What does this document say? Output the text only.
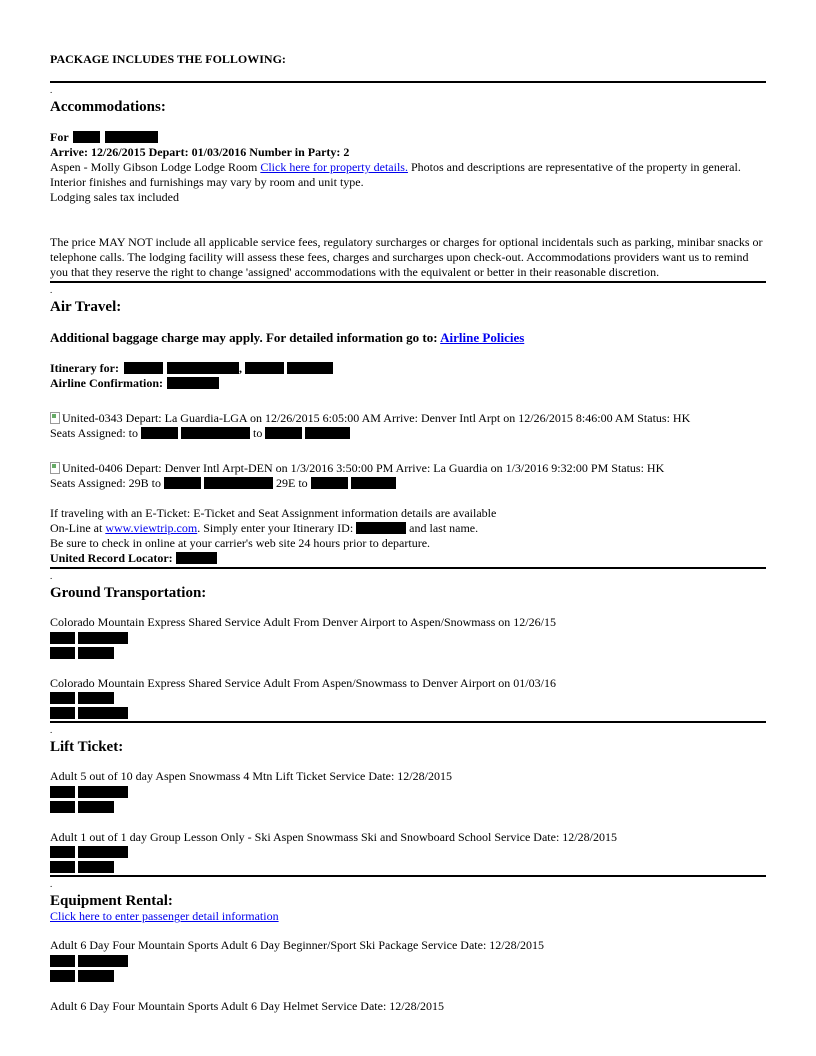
PACKAGE INCLUDES THE FOLLOWING:
.
Accommodations:
For
Arrive: 12/26/2015 Depart: 01/03/2016 Number in Party: 2
Aspen - Molly Gibson Lodge Lodge Room Click here for property details. Photos and descriptions are representative of the property in general.
Interior finishes and furnishings may vary by room and unit type.
Lodging sales tax included
The price MAY NOT include all applicable service fees, regulatory surcharges or charges for optional incidentals such as parking, minibar snacks or
telephone calls. The lodging facility will assess these fees, charges and surcharges upon check-out. Accommodations providers want us to remind
you that they reserve the right to change 'assigned' accommodations with the equivalent or better in their reasonable discretion.
.
Air Travel:
Additional baggage charge may apply. For detailed information go to: Airline Policies
Itinerary for:	,
Airline Confirmation:
United-0343 Depart: La Guardia-LGA on 12/26/2015 6:05:00 AM Arrive: Denver Intl Arpt on 12/26/2015 8:46:00 AM Status: HK
Seats Assigned: to	to
United-0406 Depart: Denver Intl Arpt-DEN on 1/3/2016 3:50:00 PM Arrive: La Guardia on 1/3/2016 9:32:00 PM Status: HK
Seats Assigned: 29B to	29E to
If traveling with an E-Ticket: E-Ticket and Seat Assignment information details are available
On-Line at www.viewtrip.com. Simply enter your Itinerary ID:	and last name.
Be sure to check in online at your carrier's web site 24 hours prior to departure.
United Record Locator:
.
Ground Transportation:
Colorado Mountain Express Shared Service Adult From Denver Airport to Aspen/Snowmass on 12/26/15
Colorado Mountain Express Shared Service Adult From Aspen/Snowmass to Denver Airport on 01/03/16
.
Lift Ticket:
Adult 5 out of 10 day Aspen Snowmass 4 Mtn Lift Ticket Service Date: 12/28/2015
Adult 1 out of 1 day Group Lesson Only - Ski Aspen Snowmass Ski and Snowboard School Service Date: 12/28/2015
.
Equipment Rental:
Click here to enter passenger detail information
Adult 6 Day Four Mountain Sports Adult 6 Day Beginner/Sport Ski Package Service Date: 12/28/2015
Adult 6 Day Four Mountain Sports Adult 6 Day Helmet Service Date: 12/28/2015
